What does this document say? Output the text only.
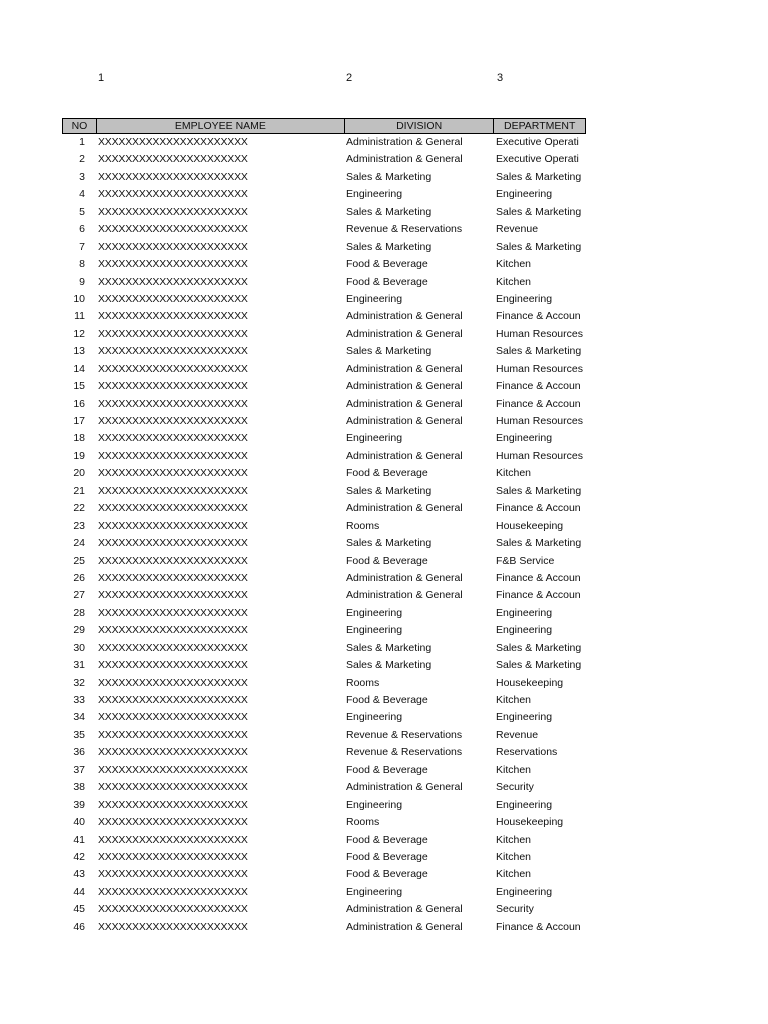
1	2	3
NO	EMPLOYEE NAME	DIVISION	DEPARTMENT
1	XXXXXXXXXXXXXXXXXXXXXX	Administration & General	Executive Operati
2	XXXXXXXXXXXXXXXXXXXXXX	Administration & General	Executive Operati
3	XXXXXXXXXXXXXXXXXXXXXX	Sales & Marketing	Sales & Marketing
4	XXXXXXXXXXXXXXXXXXXXXX	Engineering	Engineering
5	XXXXXXXXXXXXXXXXXXXXXX	Sales & Marketing	Sales & Marketing
6	XXXXXXXXXXXXXXXXXXXXXX	Revenue & Reservations	Revenue
7	XXXXXXXXXXXXXXXXXXXXXX	Sales & Marketing	Sales & Marketing
8	XXXXXXXXXXXXXXXXXXXXXX	Food & Beverage	Kitchen
9	XXXXXXXXXXXXXXXXXXXXXX	Food & Beverage	Kitchen
10	XXXXXXXXXXXXXXXXXXXXXX	Engineering	Engineering
11	XXXXXXXXXXXXXXXXXXXXXX	Administration & General	Finance & Accoun
12	XXXXXXXXXXXXXXXXXXXXXX	Administration & General	Human Resources
13	XXXXXXXXXXXXXXXXXXXXXX	Sales & Marketing	Sales & Marketing
14	XXXXXXXXXXXXXXXXXXXXXX	Administration & General	Human Resources
15	XXXXXXXXXXXXXXXXXXXXXX	Administration & General	Finance & Accoun
16	XXXXXXXXXXXXXXXXXXXXXX	Administration & General	Finance & Accoun
17	XXXXXXXXXXXXXXXXXXXXXX	Administration & General	Human Resources
18	XXXXXXXXXXXXXXXXXXXXXX	Engineering	Engineering
19	XXXXXXXXXXXXXXXXXXXXXX	Administration & General	Human Resources
20	XXXXXXXXXXXXXXXXXXXXXX	Food & Beverage	Kitchen
21	XXXXXXXXXXXXXXXXXXXXXX	Sales & Marketing	Sales & Marketing
22	XXXXXXXXXXXXXXXXXXXXXX	Administration & General	Finance & Accoun
23	XXXXXXXXXXXXXXXXXXXXXX	Rooms	Housekeeping
24	XXXXXXXXXXXXXXXXXXXXXX	Sales & Marketing	Sales & Marketing
25	XXXXXXXXXXXXXXXXXXXXXX	Food & Beverage	F&B Service
26	XXXXXXXXXXXXXXXXXXXXXX	Administration & General	Finance & Accoun
27	XXXXXXXXXXXXXXXXXXXXXX	Administration & General	Finance & Accoun
28	XXXXXXXXXXXXXXXXXXXXXX	Engineering	Engineering
29	XXXXXXXXXXXXXXXXXXXXXX	Engineering	Engineering
30	XXXXXXXXXXXXXXXXXXXXXX	Sales & Marketing	Sales & Marketing
31	XXXXXXXXXXXXXXXXXXXXXX	Sales & Marketing	Sales & Marketing
32	XXXXXXXXXXXXXXXXXXXXXX	Rooms	Housekeeping
33	XXXXXXXXXXXXXXXXXXXXXX	Food & Beverage	Kitchen
34	XXXXXXXXXXXXXXXXXXXXXX	Engineering	Engineering
35	XXXXXXXXXXXXXXXXXXXXXX	Revenue & Reservations	Revenue
36	XXXXXXXXXXXXXXXXXXXXXX	Revenue & Reservations	Reservations
37	XXXXXXXXXXXXXXXXXXXXXX	Food & Beverage	Kitchen
38	XXXXXXXXXXXXXXXXXXXXXX	Administration & General	Security
39	XXXXXXXXXXXXXXXXXXXXXX	Engineering	Engineering
40	XXXXXXXXXXXXXXXXXXXXXX	Rooms	Housekeeping
41	XXXXXXXXXXXXXXXXXXXXXX	Food & Beverage	Kitchen
42	XXXXXXXXXXXXXXXXXXXXXX	Food & Beverage	Kitchen
43	XXXXXXXXXXXXXXXXXXXXXX	Food & Beverage	Kitchen
44	XXXXXXXXXXXXXXXXXXXXXX	Engineering	Engineering
45	XXXXXXXXXXXXXXXXXXXXXX	Administration & General	Security
46	XXXXXXXXXXXXXXXXXXXXXX	Administration & General	Finance & Accoun
